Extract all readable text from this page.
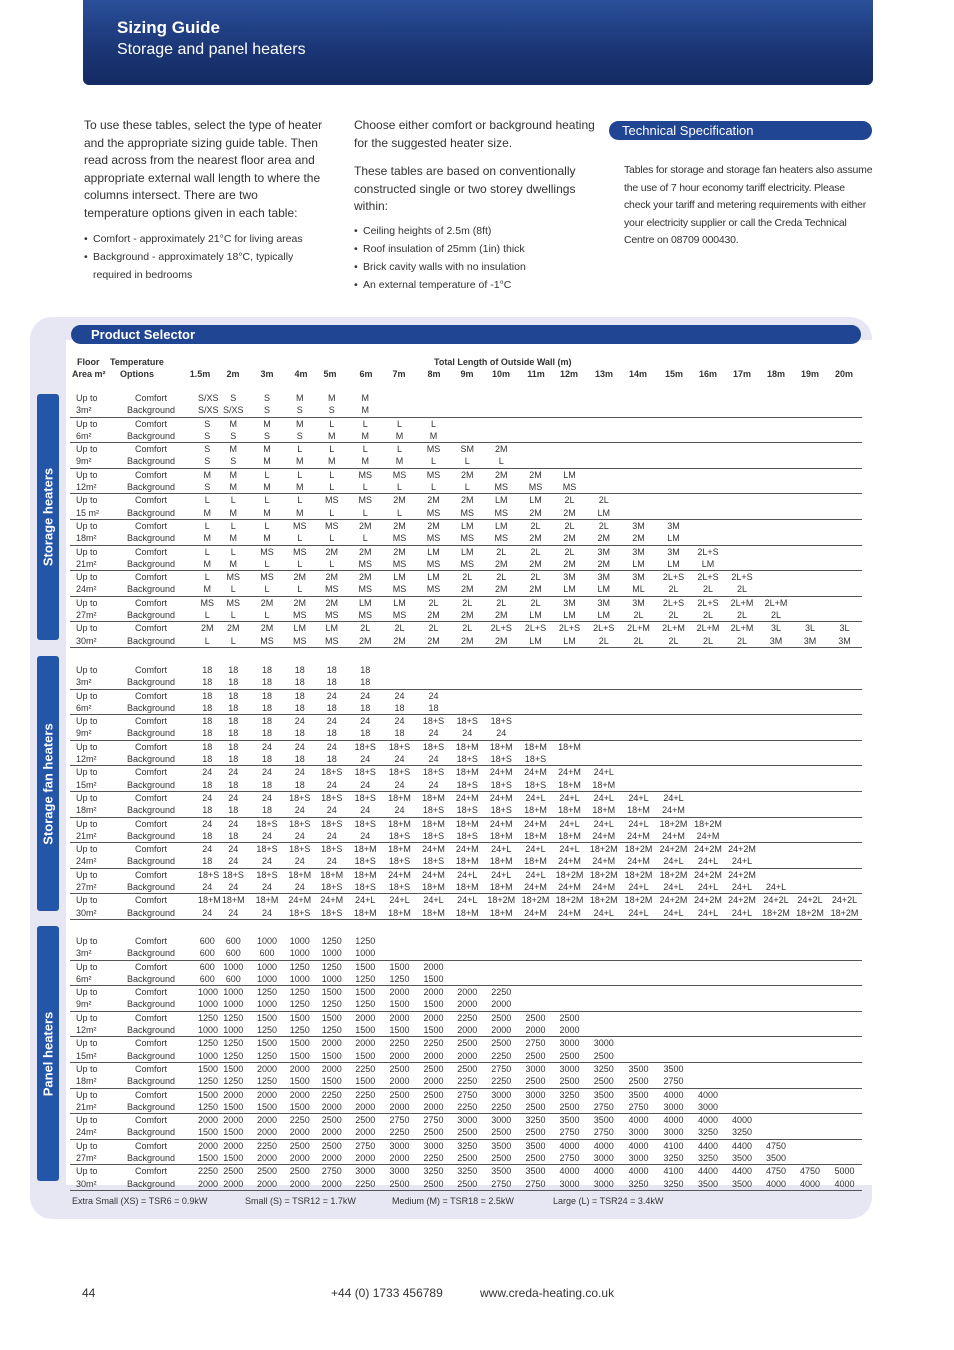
Sizing Guide
Storage and panel heaters

To use these tables, select the type of heater and the appropriate sizing guide table. Then read across from the nearest floor area and appropriate external wall length to where the columns intersect. There are two temperature options given in each table:

• Comfort - approximately 21°C for living areas
• Background - approximately 18°C, typically required in bedrooms

Choose either comfort or background heating for the suggested heater size.

These tables are based on conventionally constructed single or two storey dwellings within:

• Ceiling heights of 2.5m (8ft)
• Roof insulation of 25mm (1in) thick
• Brick cavity walls with no insulation
• An external temperature of -1°C
Technical Specification
Tables for storage and storage fan heaters also assume the use of 7 hour economy tariff electricity. Please check your tariff and metering requirements with either your electricity supplier or call the Creda Technical Centre on 08709 000430.
Product Selector
Floor
Area m²
Temperature
Options
Total Length of Outside Wall (m)
1.5m	2m	3m	4m	5m	6m	7m	8m	9m	10m	11m	12m	13m	14m	15m	16m	17m	18m	19m	20m
Storage heaters
Storage fan heaters
Panel heaters
Up to	Comfort	S/XS	S	S	M	M	M														
3m²	Background	S/XS	S/XS	S	S	S	M														
Up to	Comfort	S	M	M	M	L	L	L	L												
6m²	Background	S	S	S	S	M	M	M	M												
Up to	Comfort	S	M	M	L	L	L	L	MS	SM	2M										
9m²	Background	S	S	M	M	M	M	M	L	L	L										
Up to	Comfort	M	M	L	L	L	MS	MS	MS	2M	2M	2M	LM								
12m²	Background	S	M	M	M	L	L	L	L	L	MS	MS	MS								
Up to	Comfort	L	L	L	L	MS	MS	2M	2M	2M	LM	LM	2L	2L							
15 m²	Background	M	M	M	M	L	L	L	MS	MS	MS	2M	2M	LM							
Up to	Comfort	L	L	L	MS	MS	2M	2M	2M	LM	LM	2L	2L	2L	3M	3M					
18m²	Background	M	M	M	L	L	L	MS	MS	MS	MS	2M	2M	2M	2M	LM					
Up to	Comfort	L	L	MS	MS	2M	2M	2M	LM	LM	2L	2L	2L	3M	3M	3M	2L+S				
21m²	Background	M	M	L	L	L	MS	MS	MS	MS	2M	2M	2M	2M	LM	LM	LM				
Up to	Comfort	L	MS	MS	2M	2M	2M	LM	LM	2L	2L	2L	3M	3M	3M	2L+S	2L+S	2L+S			
24m²	Background	M	L	L	L	MS	MS	MS	MS	2M	2M	2M	LM	LM	ML	2L	2L	2L			
Up to	Comfort	MS	MS	2M	2M	2M	LM	LM	2L	2L	2L	2L	3M	3M	3M	2L+S	2L+S	2L+M	2L+M		
27m²	Background	L	L	L	MS	MS	MS	MS	2M	2M	2M	LM	LM	LM	2L	2L	2L	2L	2L		
Up to	Comfort	2M	2M	2M	LM	LM	2L	2L	2L	2L	2L+S	2L+S	2L+S	2L+S	2L+M	2L+M	2L+M	2L+M	3L	3L	3L
30m²	Background	L	L	MS	MS	MS	2M	2M	2M	2M	2M	LM	LM	2L	2L	2L	2L	2L	3M	3M	3M
Up to	Comfort	18	18	18	18	18	18														
3m²	Background	18	18	18	18	18	18														
Up to	Comfort	18	18	18	18	24	24	24	24												
6m²	Background	18	18	18	18	18	18	18	18												
Up to	Comfort	18	18	18	24	24	24	24	18+S	18+S	18+S										
9m²	Background	18	18	18	18	18	18	18	24	24	24										
Up to	Comfort	18	18	24	24	24	18+S	18+S	18+S	18+M	18+M	18+M	18+M								
12m²	Background	18	18	18	18	18	24	24	24	18+S	18+S	18+S									
Up to	Comfort	24	24	24	24	18+S	18+S	18+S	18+S	18+M	24+M	24+M	24+M	24+L							
15m²	Background	18	18	18	18	24	24	24	24	18+S	18+S	18+S	18+M	18+M							
Up to	Comfort	24	24	24	18+S	18+S	18+S	18+M	18+M	24+M	24+M	24+L	24+L	24+L	24+L	24+L					
18m²	Background	18	18	18	24	24	24	24	18+S	18+S	18+S	18+M	18+M	18+M	18+M	24+M					
Up to	Comfort	24	24	18+S	18+S	18+S	18+S	18+M	18+M	18+M	24+M	24+M	24+L	24+L	24+L	18+2M	18+2M				
21m²	Background	18	18	24	24	24	24	18+S	18+S	18+S	18+M	18+M	18+M	24+M	24+M	24+M	24+M				
Up to	Comfort	24	24	18+S	18+S	18+S	18+M	18+M	24+M	24+M	24+L	24+L	24+L	18+2M	18+2M	24+2M	24+2M	24+2M			
24m²	Background	18	24	24	24	24	18+S	18+S	18+S	18+M	18+M	18+M	24+M	24+M	24+M	24+L	24+L	24+L			
Up to	Comfort	18+S	18+S	18+S	18+M	18+M	18+M	24+M	24+M	24+L	24+L	24+L	18+2M	18+2M	18+2M	18+2M	24+2M	24+2M			
27m²	Background	24	24	24	24	18+S	18+S	18+S	18+M	18+M	18+M	24+M	24+M	24+M	24+L	24+L	24+L	24+L	24+L		
Up to	Comfort	18+M	18+M	18+M	24+M	24+M	24+L	24+L	24+L	24+L	18+2M	18+2M	18+2M	18+2M	18+2M	24+2M	24+2M	24+2M	24+2L	24+2L	24+2L
30m²	Background	24	24	24	18+S	18+S	18+M	18+M	18+M	18+M	18+M	24+M	24+M	24+L	24+L	24+L	24+L	24+L	18+2M	18+2M	18+2M
Up to	Comfort	600	600	1000	1000	1250	1250														
3m²	Background	600	600	600	1000	1000	1000														
Up to	Comfort	600	1000	1000	1250	1250	1500	1500	2000												
6m²	Background	600	600	1000	1000	1000	1250	1250	1500												
Up to	Comfort	1000	1000	1250	1250	1500	1500	2000	2000	2000	2250										
9m²	Background	1000	1000	1000	1250	1250	1250	1500	1500	2000	2000										
Up to	Comfort	1250	1250	1500	1500	1500	2000	2000	2000	2250	2500	2500	2500								
12m²	Background	1000	1000	1250	1250	1250	1500	1500	1500	2000	2000	2000	2000								
Up to	Comfort	1250	1250	1500	1500	2000	2000	2250	2250	2500	2500	2750	3000	3000							
15m²	Background	1000	1250	1250	1500	1500	1500	2000	2000	2000	2250	2500	2500	2500							
Up to	Comfort	1500	1500	2000	2000	2000	2250	2500	2500	2500	2750	3000	3000	3250	3500	3500					
18m²	Background	1250	1250	1250	1500	1500	1500	2000	2000	2250	2250	2500	2500	2500	2500	2750					
Up to	Comfort	1500	2000	2000	2000	2250	2250	2500	2500	2750	3000	3000	3250	3500	3500	4000	4000				
21m²	Background	1250	1500	1500	1500	2000	2000	2000	2000	2250	2250	2500	2500	2750	2750	3000	3000				
Up to	Comfort	2000	2000	2000	2250	2500	2500	2750	2750	3000	3000	3250	3500	3500	4000	4000	4000	4000			
24m²	Background	1500	1500	2000	2000	2000	2000	2250	2500	2500	2500	2500	2750	2750	3000	3000	3250	3250			
Up to	Comfort	2000	2000	2250	2500	2500	2750	3000	3000	3250	3500	3500	4000	4000	4000	4100	4400	4400	4750		
27m²	Background	1500	1500	2000	2000	2000	2000	2000	2250	2500	2500	2500	2750	3000	3000	3250	3250	3500	3500		
Up to	Comfort	2250	2500	2500	2500	2750	3000	3000	3250	3250	3500	3500	4000	4000	4000	4100	4400	4400	4750	4750	5000
30m²	Background	2000	2000	2000	2000	2000	2250	2500	2500	2500	2750	2750	3000	3000	3250	3250	3500	3500	4000	4000	4000
Extra Small (XS) = TSR6 = 0.9kW	Small (S) = TSR12 = 1.7kW	Medium (M) = TSR18 = 2.5kW	Large (L) = TSR24 = 3.4kW
44	+44 (0) 1733 456789	www.creda-heating.co.uk
